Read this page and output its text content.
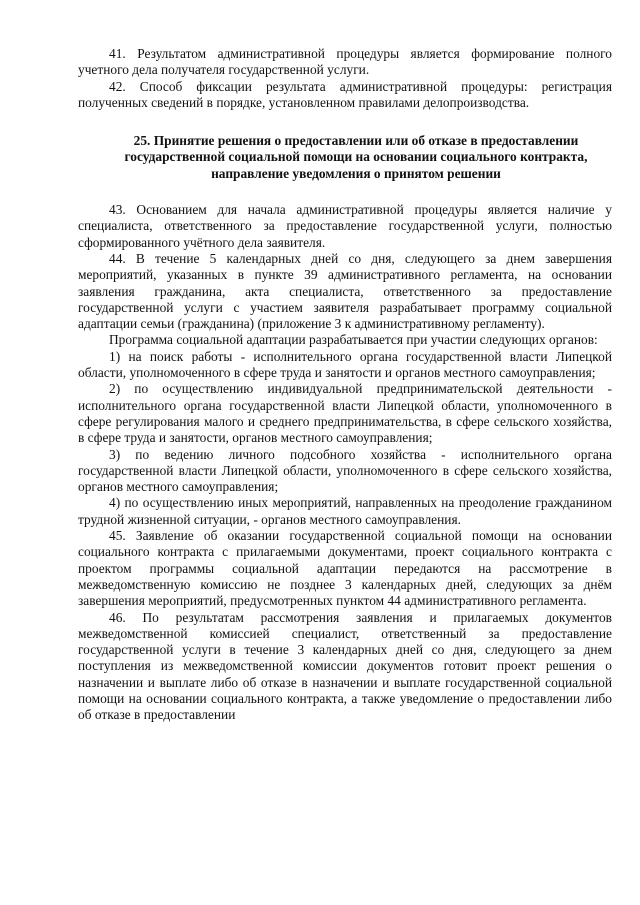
41. Результатом административной процедуры является формирование полного учетного дела получателя государственной услуги.

42. Способ фиксации результата административной процедуры: регистрация полученных сведений в порядке, установленном правилами делопроизводства.

25. Принятие решения о предоставлении или об отказе в предоставлении государственной социальной помощи на основании социального контракта, направление уведомления о принятом решении

43. Основанием для начала административной процедуры является наличие у специалиста, ответственного за предоставление государственной услуги, полностью сформированного учётного дела заявителя.

44. В течение 5 календарных дней со дня, следующего за днем завершения мероприятий, указанных в пункте 39 административного регламента, на основании заявления гражданина, акта специалиста, ответственного за предоставление государственной услуги с участием заявителя разрабатывает программу социальной адаптации семьи (гражданина) (приложение 3 к административному регламенту).

Программа социальной адаптации разрабатывается при участии следующих органов:

1) на поиск работы - исполнительного органа государственной власти Липецкой области, уполномоченного в сфере труда и занятости и органов местного самоуправления;

2) по осуществлению индивидуальной предпринимательской деятельности - исполнительного органа государственной власти Липецкой области, уполномоченного в сфере регулирования малого и среднего предпринимательства, в сфере сельского хозяйства, в сфере труда и занятости, органов местного самоуправления;

3) по ведению личного подсобного хозяйства - исполнительного органа государственной власти Липецкой области, уполномоченного в сфере сельского хозяйства, органов местного самоуправления;

4) по осуществлению иных мероприятий, направленных на преодоление гражданином трудной жизненной ситуации, - органов местного самоуправления.

45. Заявление об оказании государственной социальной помощи на основании социального контракта с прилагаемыми документами, проект социального контракта с проектом программы социальной адаптации передаются на рассмотрение в межведомственную комиссию не позднее 3 календарных дней, следующих за днём завершения мероприятий, предусмотренных пунктом 44 административного регламента.

46. По результатам рассмотрения заявления и прилагаемых документов межведомственной комиссией специалист, ответственный за предоставление государственной услуги в течение 3 календарных дней со дня, следующего за днем поступления из межведомственной комиссии документов готовит проект решения о назначении и выплате либо об отказе в назначении и выплате государственной социальной помощи на основании социального контракта, а также уведомление о предоставлении либо об отказе в предоставлении
